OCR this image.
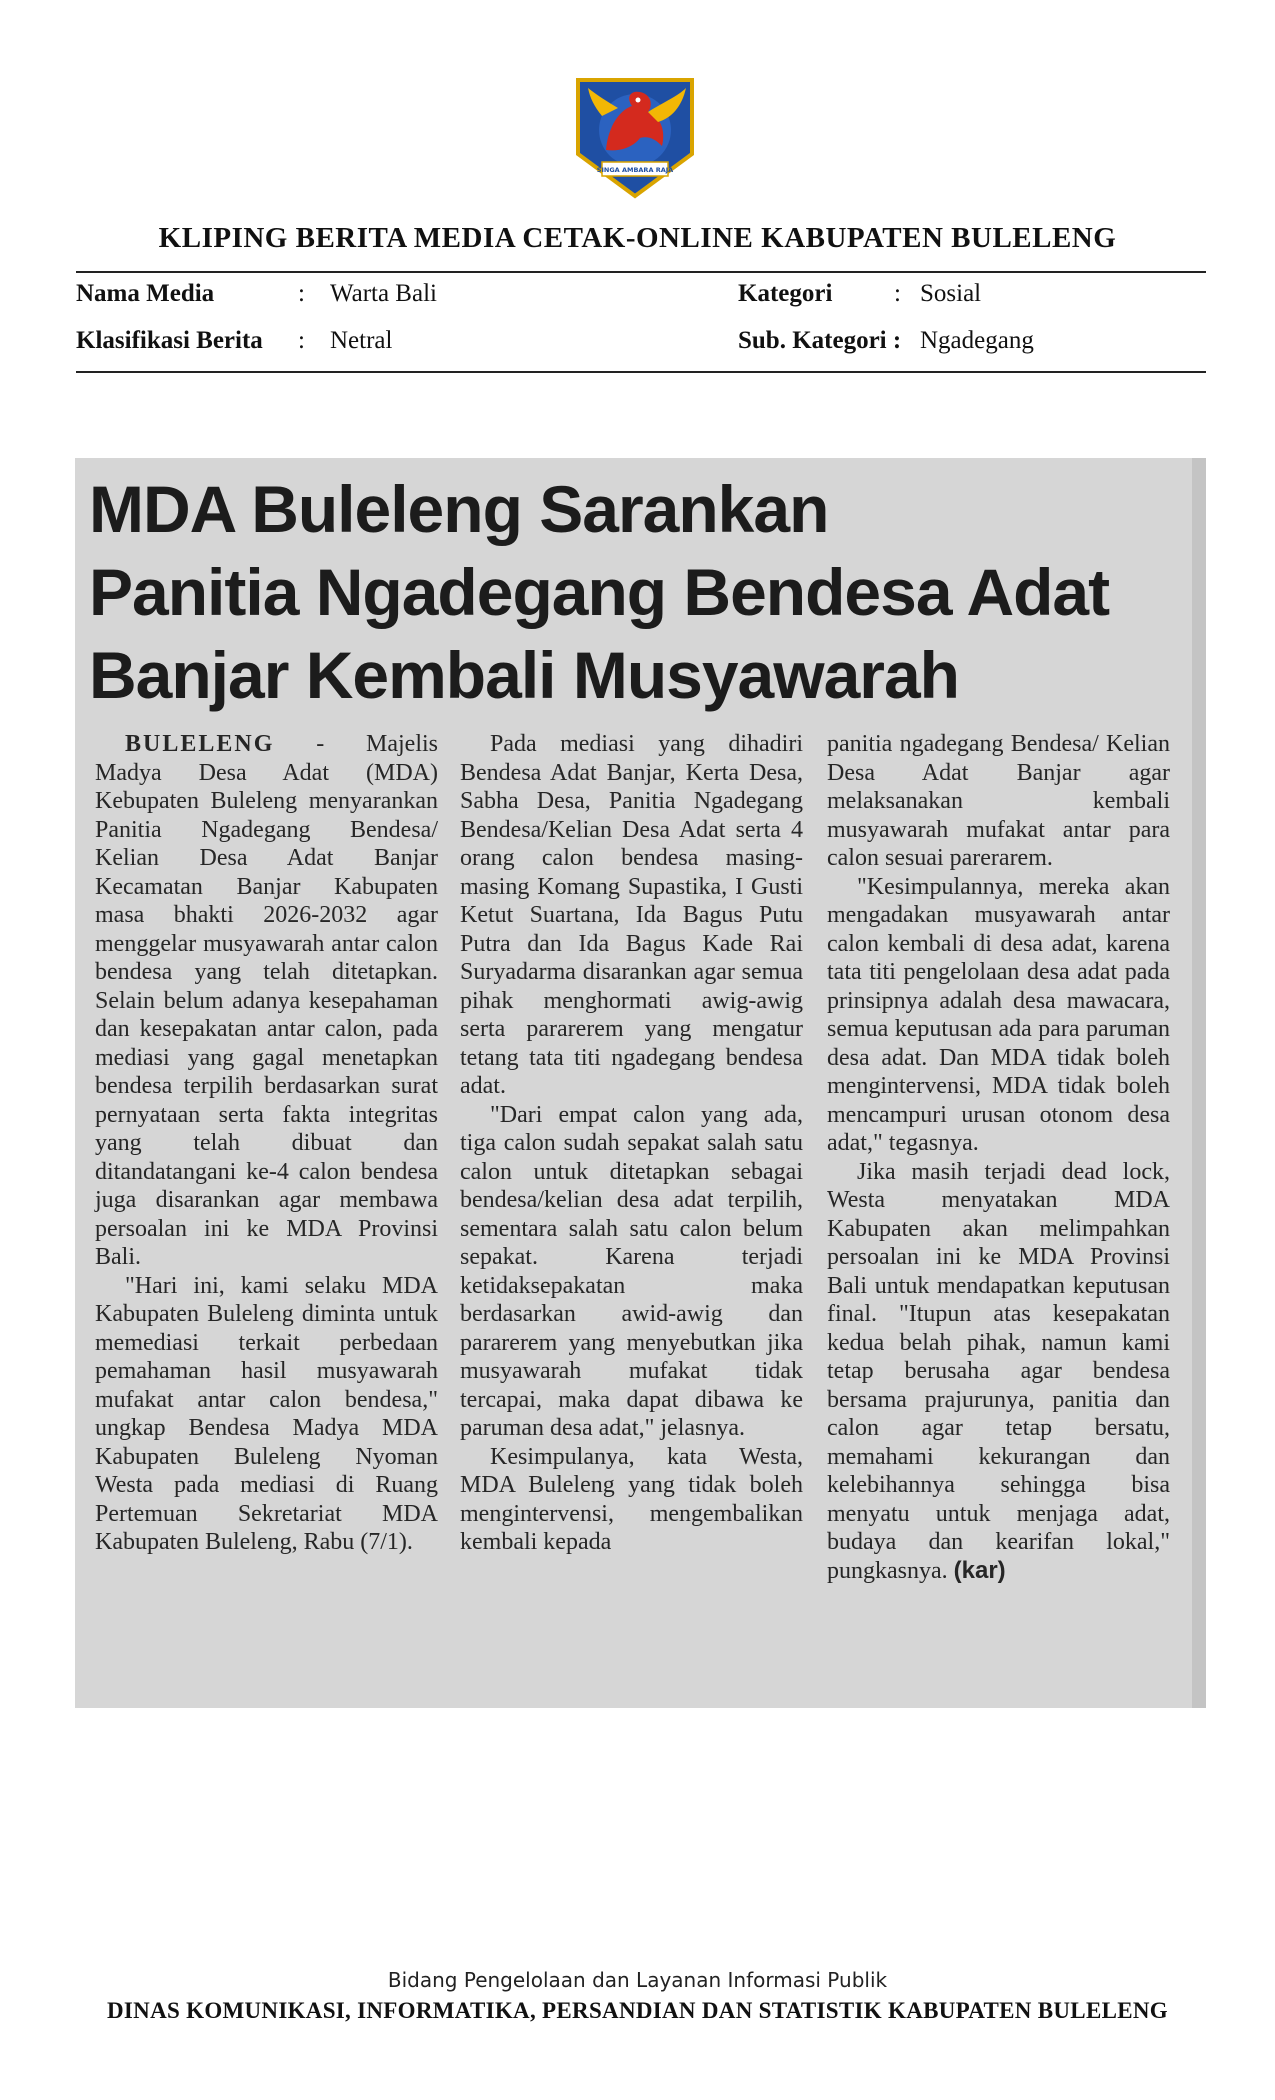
SINGA AMBARA RAJA
KLIPING BERITA MEDIA CETAK-ONLINE KABUPATEN BULELENG
Nama Media	: Warta Bali	Kategori : Sosial
Klasifikasi Berita : Netral	Sub. Kategori : Ngadegang
MDA Buleleng Sarankan
Panitia Ngadegang Bendesa Adat
Banjar Kembali Musyawarah

BULELENG - Majelis Madya Desa Adat (MDA) Kebupaten Buleleng menyarankan Panitia Ngadegang Bendesa/ Kelian Desa Adat Banjar Kecamatan Banjar Kabupaten masa bhakti 2026-2032 agar menggelar musyawarah antar calon bendesa yang telah ditetapkan. Selain belum adanya kesepahaman dan kesepakatan antar calon, pada mediasi yang gagal menetapkan bendesa terpilih berdasarkan surat pernyataan serta fakta integritas yang telah dibuat dan ditandatangani ke-4 calon bendesa juga disarankan agar membawa persoalan ini ke MDA Provinsi Bali.

"Hari ini, kami selaku MDA Kabupaten Buleleng diminta untuk memediasi terkait perbedaan pemahaman hasil musyawarah mufakat antar calon bendesa," ungkap Bendesa Madya MDA Kabupaten Buleleng Nyoman Westa pada mediasi di Ruang Pertemuan Sekretariat MDA Kabupaten Buleleng, Rabu (7/1).

Pada mediasi yang dihadiri Bendesa Adat Banjar, Kerta Desa, Sabha Desa, Panitia Ngadegang Bendesa/Kelian Desa Adat serta 4 orang calon bendesa masing-masing Komang Supastika, I Gusti Ketut Suartana, Ida Bagus Putu Putra dan Ida Bagus Kade Rai Suryadarma disarankan agar semua pihak menghormati awig-awig serta pararerem yang mengatur tetang tata titi ngadegang bendesa adat.

"Dari empat calon yang ada, tiga calon sudah sepakat salah satu calon untuk ditetapkan sebagai bendesa/kelian desa adat terpilih, sementara salah satu calon belum sepakat. Karena terjadi ketidaksepakatan maka berdasarkan awid-awig dan pararerem yang menyebutkan jika musyawarah mufakat tidak tercapai, maka dapat dibawa ke paruman desa adat," jelasnya.

Kesimpulanya, kata Westa, MDA Buleleng yang tidak boleh mengintervensi, mengembalikan kembali kepada

panitia ngadegang Bendesa/ Kelian Desa Adat Banjar agar melaksanakan kembali musyawarah mufakat antar para calon sesuai parerarem.

"Kesimpulannya, mereka akan mengadakan musyawarah antar calon kembali di desa adat, karena tata titi pengelolaan desa adat pada prinsipnya adalah desa mawacara, semua keputusan ada para paruman desa adat. Dan MDA tidak boleh mengintervensi, MDA tidak boleh mencampuri urusan otonom desa adat," tegasnya.

Jika masih terjadi dead lock, Westa menyatakan MDA Kabupaten akan melimpahkan persoalan ini ke MDA Provinsi Bali untuk mendapatkan keputusan final. "Itupun atas kesepakatan kedua belah pihak, namun kami tetap berusaha agar bendesa bersama prajurunya, panitia dan calon agar tetap bersatu, memahami kekurangan dan kelebihannya sehingga bisa menyatu untuk menjaga adat, budaya dan kearifan lokal," pungkasnya. (kar)

Bidang Pengelolaan dan Layanan Informasi Publik
DINAS KOMUNIKASI, INFORMATIKA, PERSANDIAN DAN STATISTIK KABUPATEN BULELENG
